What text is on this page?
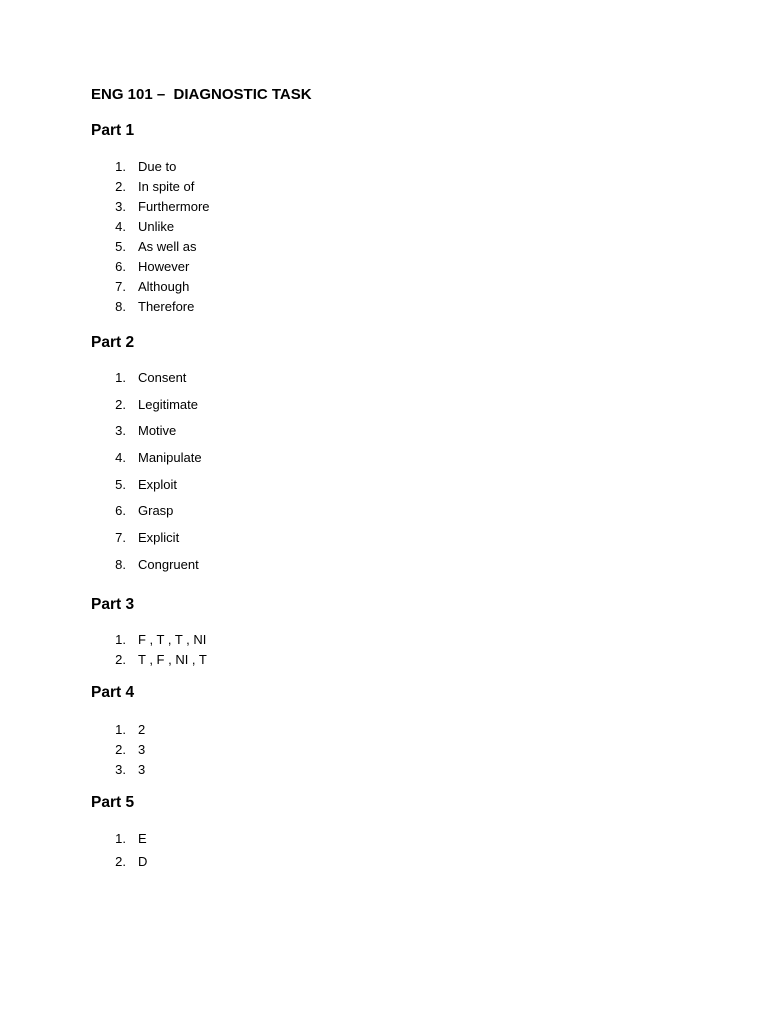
ENG 101 –  DIAGNOSTIC TASK
Part 1
1. Due to
2. In spite of
3. Furthermore
4. Unlike
5. As well as
6. However
7. Although
8. Therefore
Part 2
1. Consent
2. Legitimate
3. Motive
4. Manipulate
5. Exploit
6. Grasp
7. Explicit
8. Congruent
Part 3
1. F , T , T , NI
2. T , F , NI , T
Part 4
1. 2
2. 3
3. 3
Part 5
1. E
2. D
